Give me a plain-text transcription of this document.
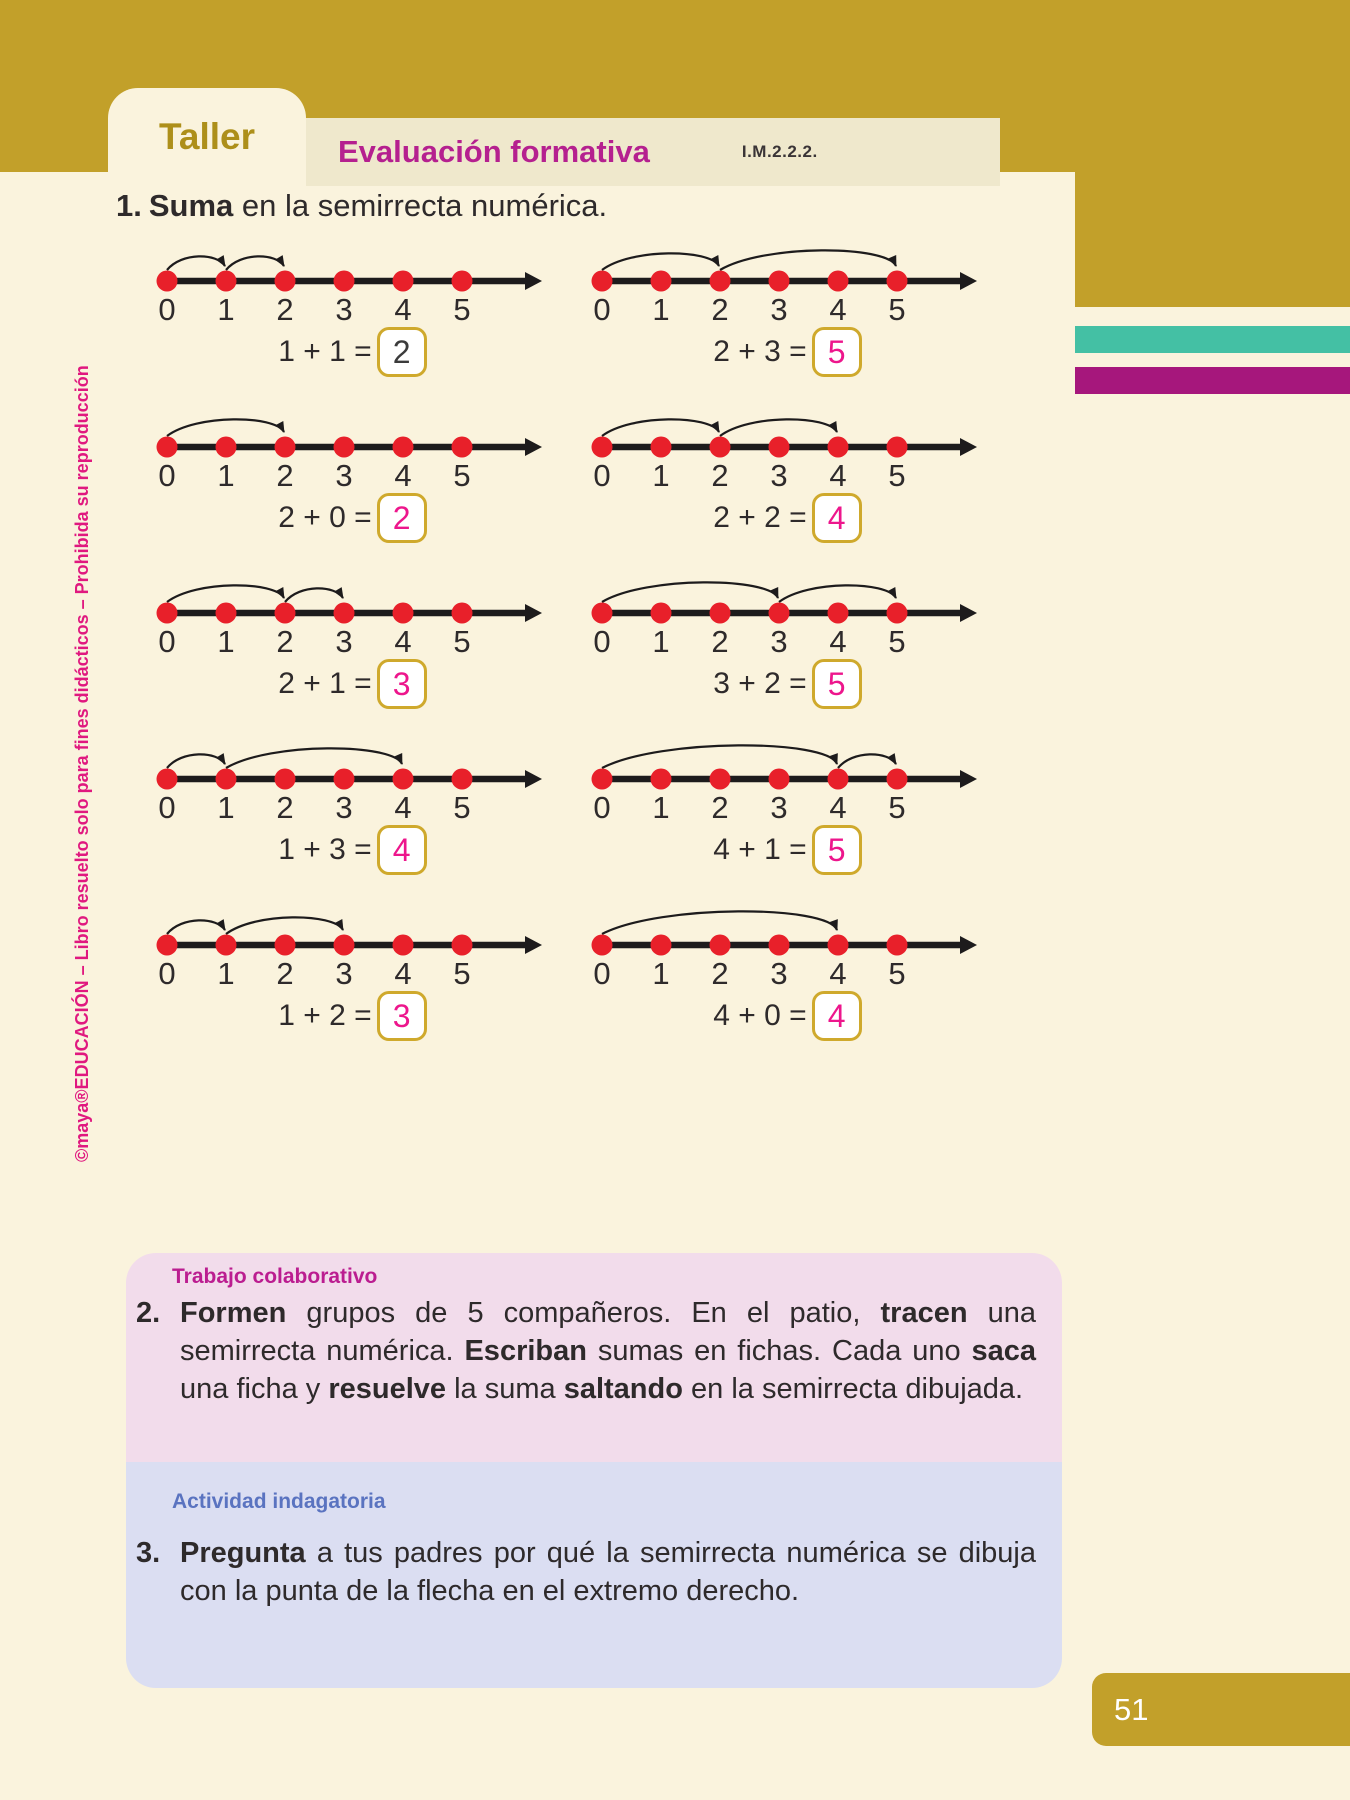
Evaluación formativa	I.M.2.2.2.
Taller
1. Suma en la semirrecta numérica.
0 1 2 3 4 5
1 + 1 = 2
0 1 2 3 4 5
2 + 3 = 5
0 1 2 3 4 5
2 + 0 = 2
0 1 2 3 4 5
2 + 2 = 4
0 1 2 3 4 5
2 + 1 = 3
0 1 2 3 4 5
3 + 2 = 5
0 1 2 3 4 5
1 + 3 = 4
0 1 2 3 4 5
4 + 1 = 5
0 1 2 3 4 5
1 + 2 = 3
0 1 2 3 4 5
4 + 0 = 4
Trabajo colaborativo
2. Formen grupos de 5 compañeros. En el patio, tracen una semirrecta numérica. Escriban sumas en fichas. Cada uno saca una ficha y resuelve la suma saltando en la semirrecta dibujada.
Actividad indagatoria
3. Pregunta a tus padres por qué la semirrecta numérica se dibuja con la punta de la flecha en el extremo derecho.
©maya®EDUCACIÓN – Libro resuelto solo para fines didácticos – Prohibida su reproducción
51
